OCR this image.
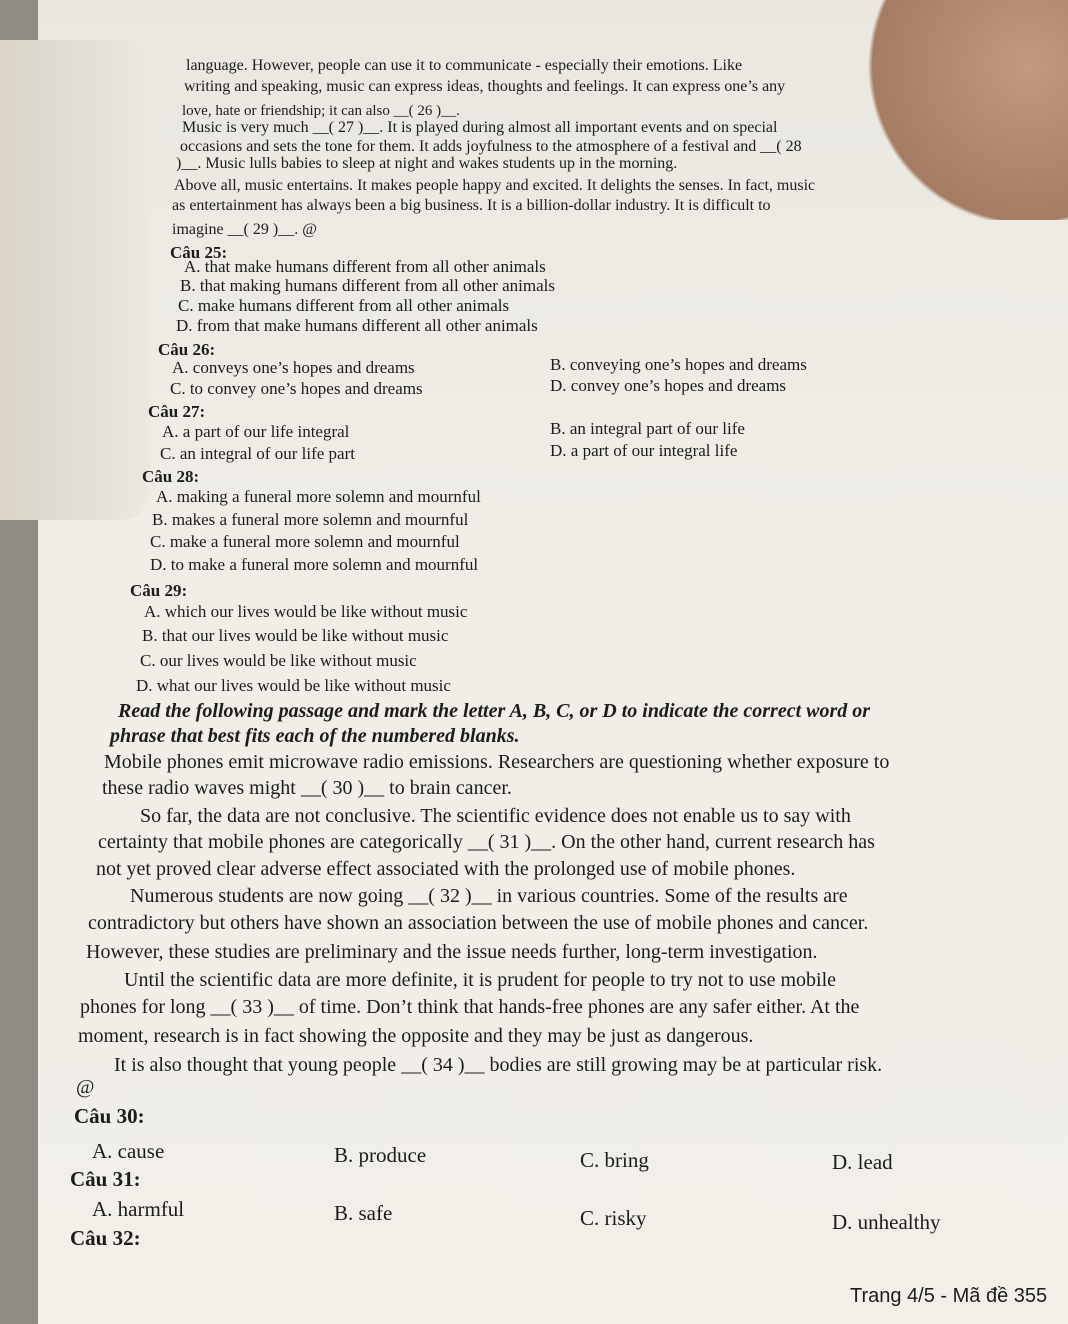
language. However, people can use it to communicate - especially their emotions. Like
writing and speaking, music can express ideas, thoughts and feelings. It can express one’s any
love, hate or friendship; it can also __( 26 )__.
Music is very much __( 27 )__. It is played during almost all important events and on special
occasions and sets the tone for them. It adds joyfulness to the atmosphere of a festival and __( 28
)__. Music lulls babies to sleep at night and wakes students up in the morning.
Above all, music entertains. It makes people happy and excited. It delights the senses. In fact, music
as entertainment has always been a big business. It is a billion-dollar industry. It is difficult to
imagine __( 29 )__. @
Câu 25:
A. that make humans different from all other animals
B. that making humans different from all other animals
C. make humans different from all other animals
D. from that make humans different all other animals
Câu 26:
A. conveys one’s hopes and dreams	B. conveying one’s hopes and dreams
C. to convey one’s hopes and dreams	D. convey one’s hopes and dreams
Câu 27:
A. a part of our life integral	B. an integral part of our life
C. an integral of our life part	D. a part of our integral life
Câu 28:
A. making a funeral more solemn and mournful
B. makes a funeral more solemn and mournful
C. make a funeral more solemn and mournful
D. to make a funeral more solemn and mournful
Câu 29:
A. which our lives would be like without music
B. that our lives would be like without music
C. our lives would be like without music
D. what our lives would be like without music
Read the following passage and mark the letter A, B, C, or D to indicate the correct word or
phrase that best fits each of the numbered blanks.
Mobile phones emit microwave radio emissions. Researchers are questioning whether exposure to
these radio waves might __( 30 )__ to brain cancer.
So far, the data are not conclusive. The scientific evidence does not enable us to say with
certainty that mobile phones are categorically __( 31 )__. On the other hand, current research has
not yet proved clear adverse effect associated with the prolonged use of mobile phones.
Numerous students are now going __( 32 )__ in various countries. Some of the results are
contradictory but others have shown an association between the use of mobile phones and cancer.
However, these studies are preliminary and the issue needs further, long-term investigation.
Until the scientific data are more definite, it is prudent for people to try not to use mobile
phones for long __( 33 )__ of time. Don’t think that hands-free phones are any safer either. At the
moment, research is in fact showing the opposite and they may be just as dangerous.
It is also thought that young people __( 34 )__ bodies are still growing may be at particular risk.
@
Câu 30:
A. cause	B. produce	C. bring	D. lead
Câu 31:
A. harmful	B. safe	C. risky	D. unhealthy
Câu 32:
Trang 4/5 - Mã đề 355
